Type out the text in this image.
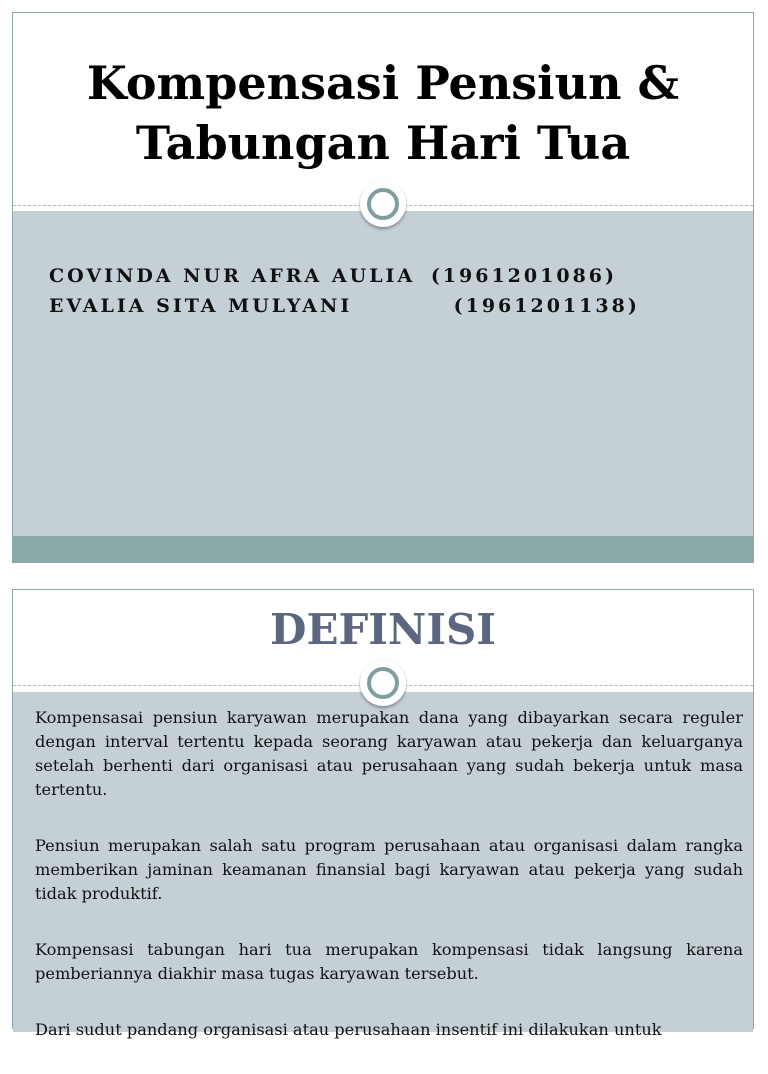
Kompensasi Pensiun &
Tabungan Hari Tua
COVINDA NUR AFRA AULIA (1961201086)
EVALIA SITA MULYANI	(1961201138)
DEFINISI

Kompensasai pensiun karyawan merupakan dana yang dibayarkan secara reguler dengan interval tertentu kepada seorang karyawan atau pekerja dan keluarganya setelah berhenti dari organisasi atau perusahaan yang sudah bekerja untuk masa tertentu.

Pensiun merupakan salah satu program perusahaan atau organisasi dalam rangka memberikan jaminan keamanan finansial bagi karyawan atau pekerja yang sudah tidak produktif.

Kompensasi tabungan hari tua merupakan kompensasi tidak langsung karena pemberiannya diakhir masa tugas karyawan tersebut.

Dari sudut pandang organisasi atau perusahaan insentif ini dilakukan untuk
